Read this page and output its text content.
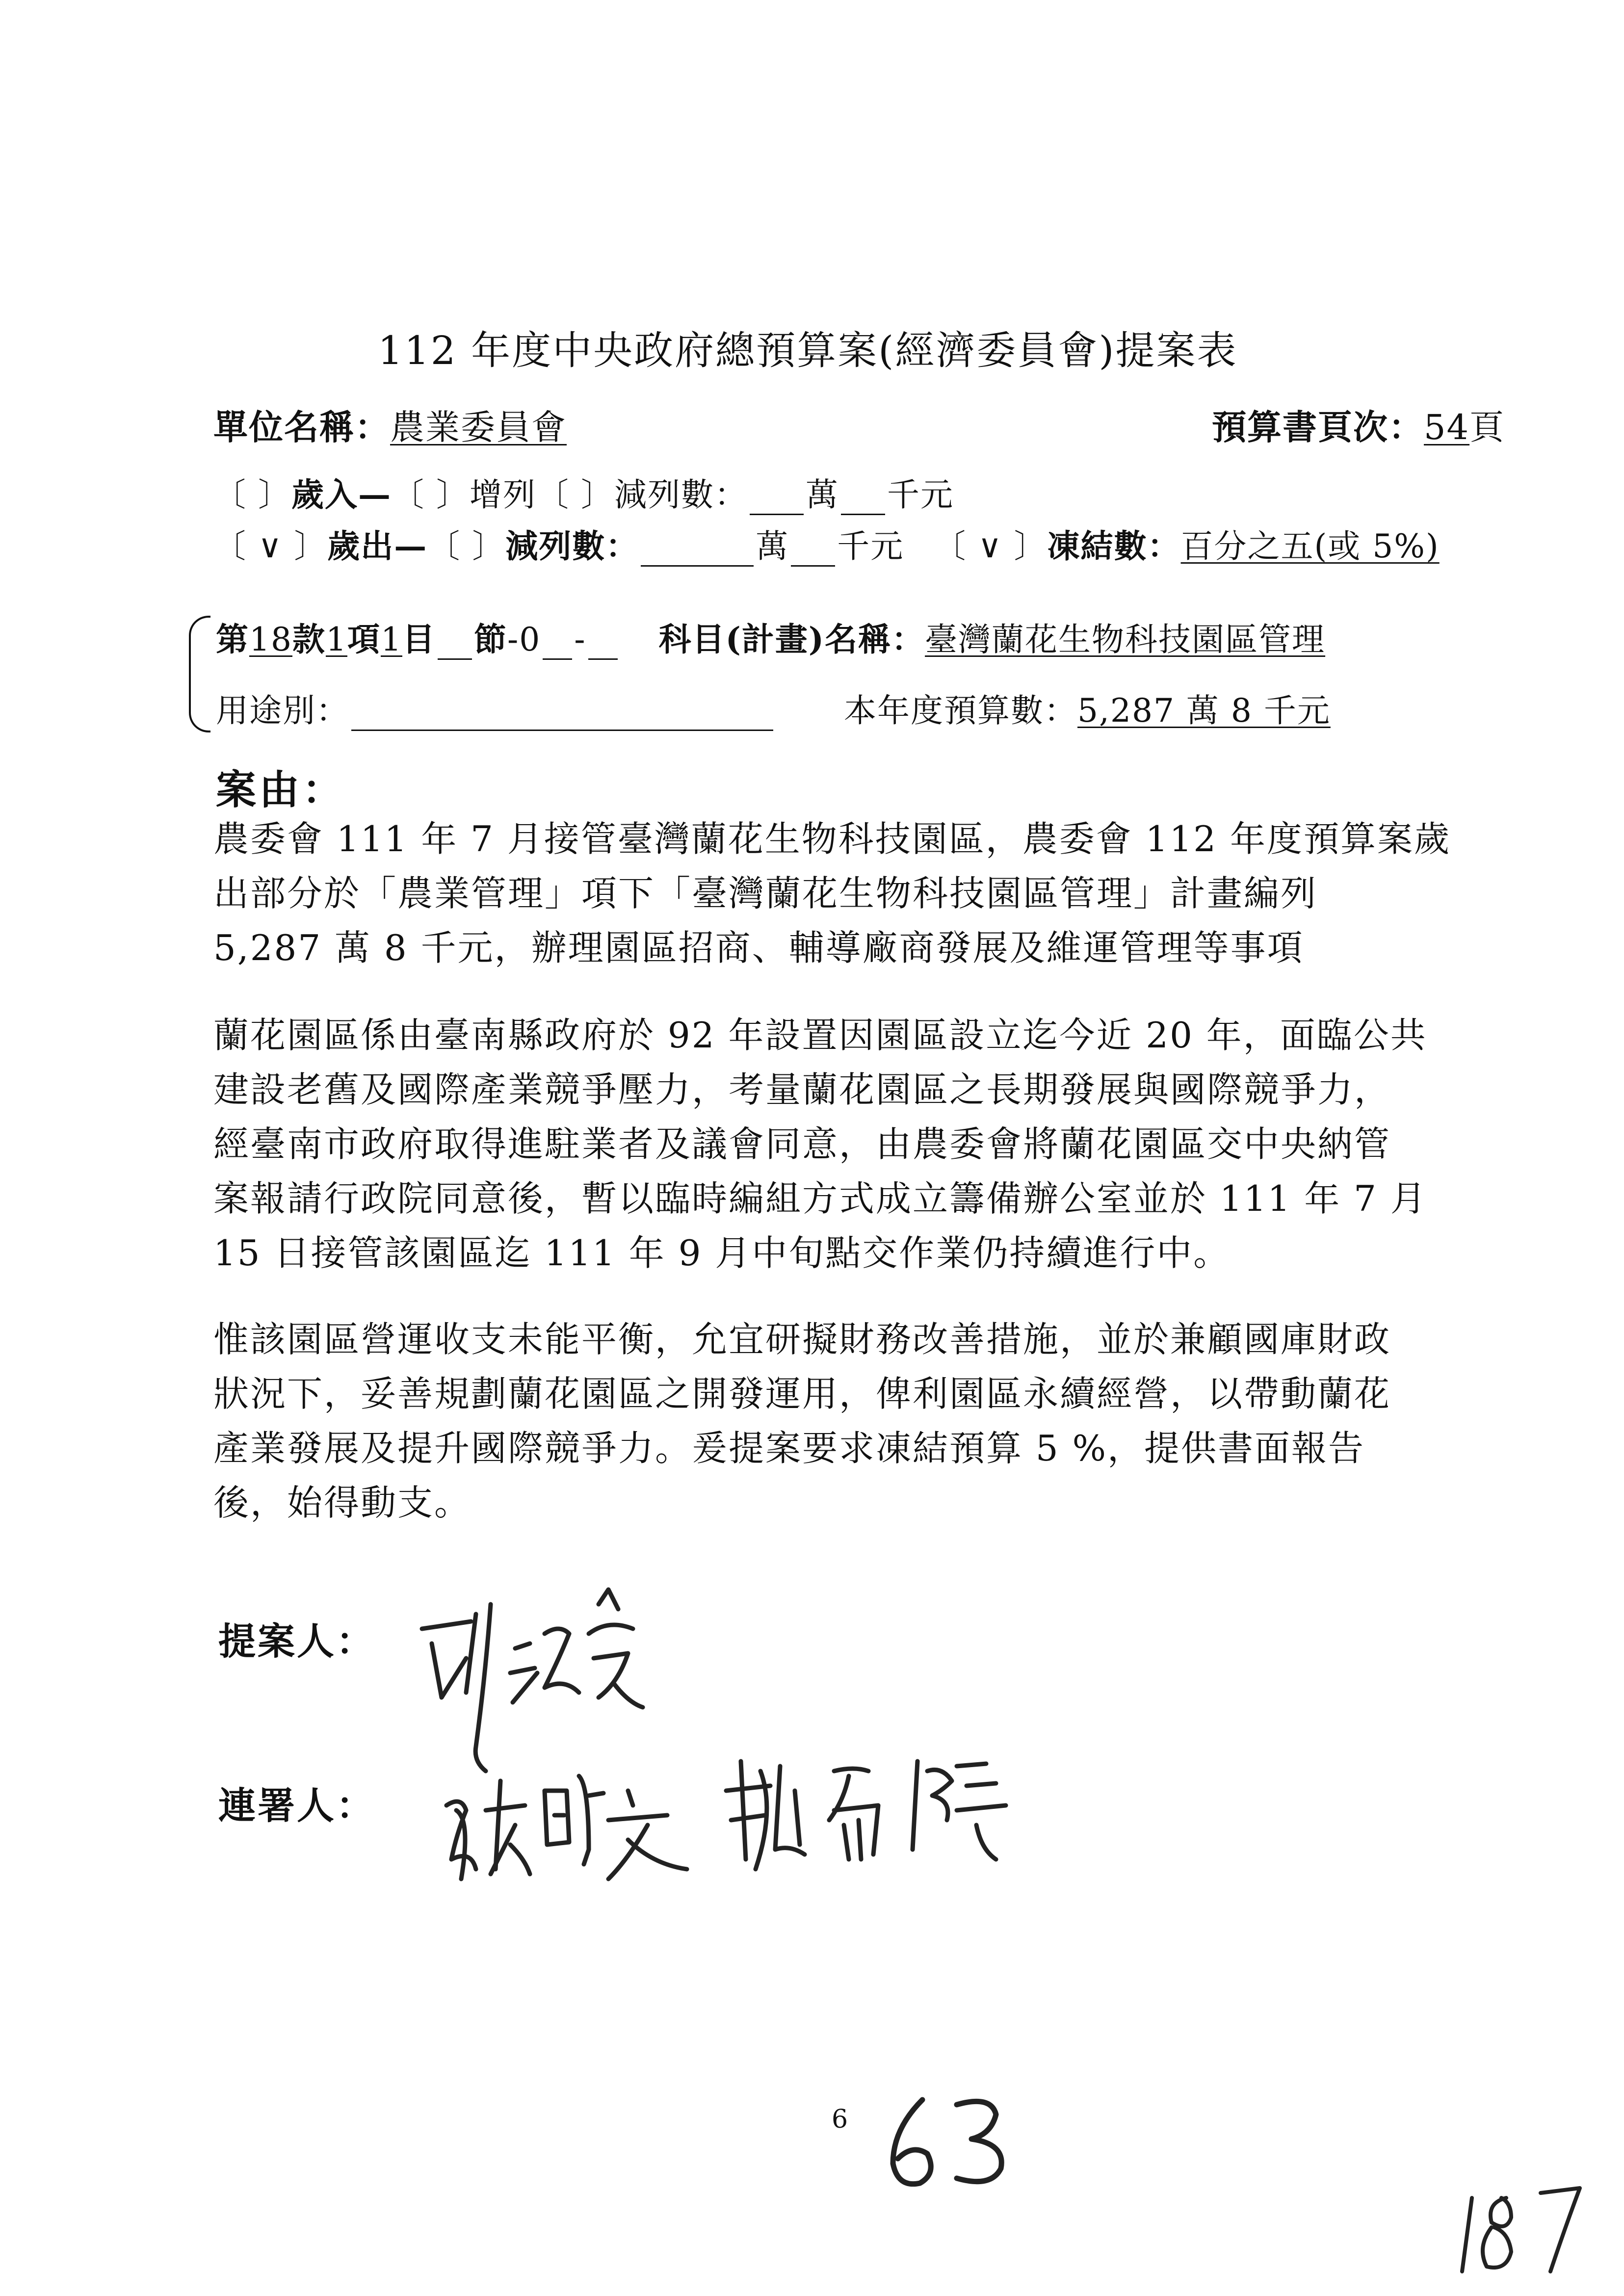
112 年度中央政府總預算案(經濟委員會)提案表
單位名稱：農業委員會	預算書頁次：54頁
〔 〕歲入—〔 〕增列〔 〕減列數： 萬 千元
〔 ∨ 〕歲出—〔 〕減列數：	萬 千元 〔 ∨ 〕凍結數：百分之五(或 5%)
第18款1項1目 節-0 - 科目(計畫)名稱：臺灣蘭花生物科技園區管理
用途別：	本年度預算數：5,287 萬 8 千元
案由：

農委會 111 年 7 月接管臺灣蘭花生物科技園區，農委會 112 年度預算案歲

出部分於「農業管理」項下「臺灣蘭花生物科技園區管理」計畫編列

5,287 萬 8 千元，辦理園區招商、輔導廠商發展及維運管理等事項

蘭花園區係由臺南縣政府於 92 年設置因園區設立迄今近 20 年，面臨公共

建設老舊及國際產業競爭壓力，考量蘭花園區之長期發展與國際競爭力，

經臺南市政府取得進駐業者及議會同意，由農委會將蘭花園區交中央納管

案報請行政院同意後，暫以臨時編組方式成立籌備辦公室並於 111 年 7 月

15 日接管該園區迄 111 年 9 月中旬點交作業仍持續進行中。

惟該園區營運收支未能平衡，允宜研擬財務改善措施，並於兼顧國庫財政

狀況下，妥善規劃蘭花園區之開發運用，俾利園區永續經營，以帶動蘭花

產業發展及提升國際競爭力。爰提案要求凍結預算 5 %，提供書面報告

後，始得動支。

提案人：
連署人：
6
